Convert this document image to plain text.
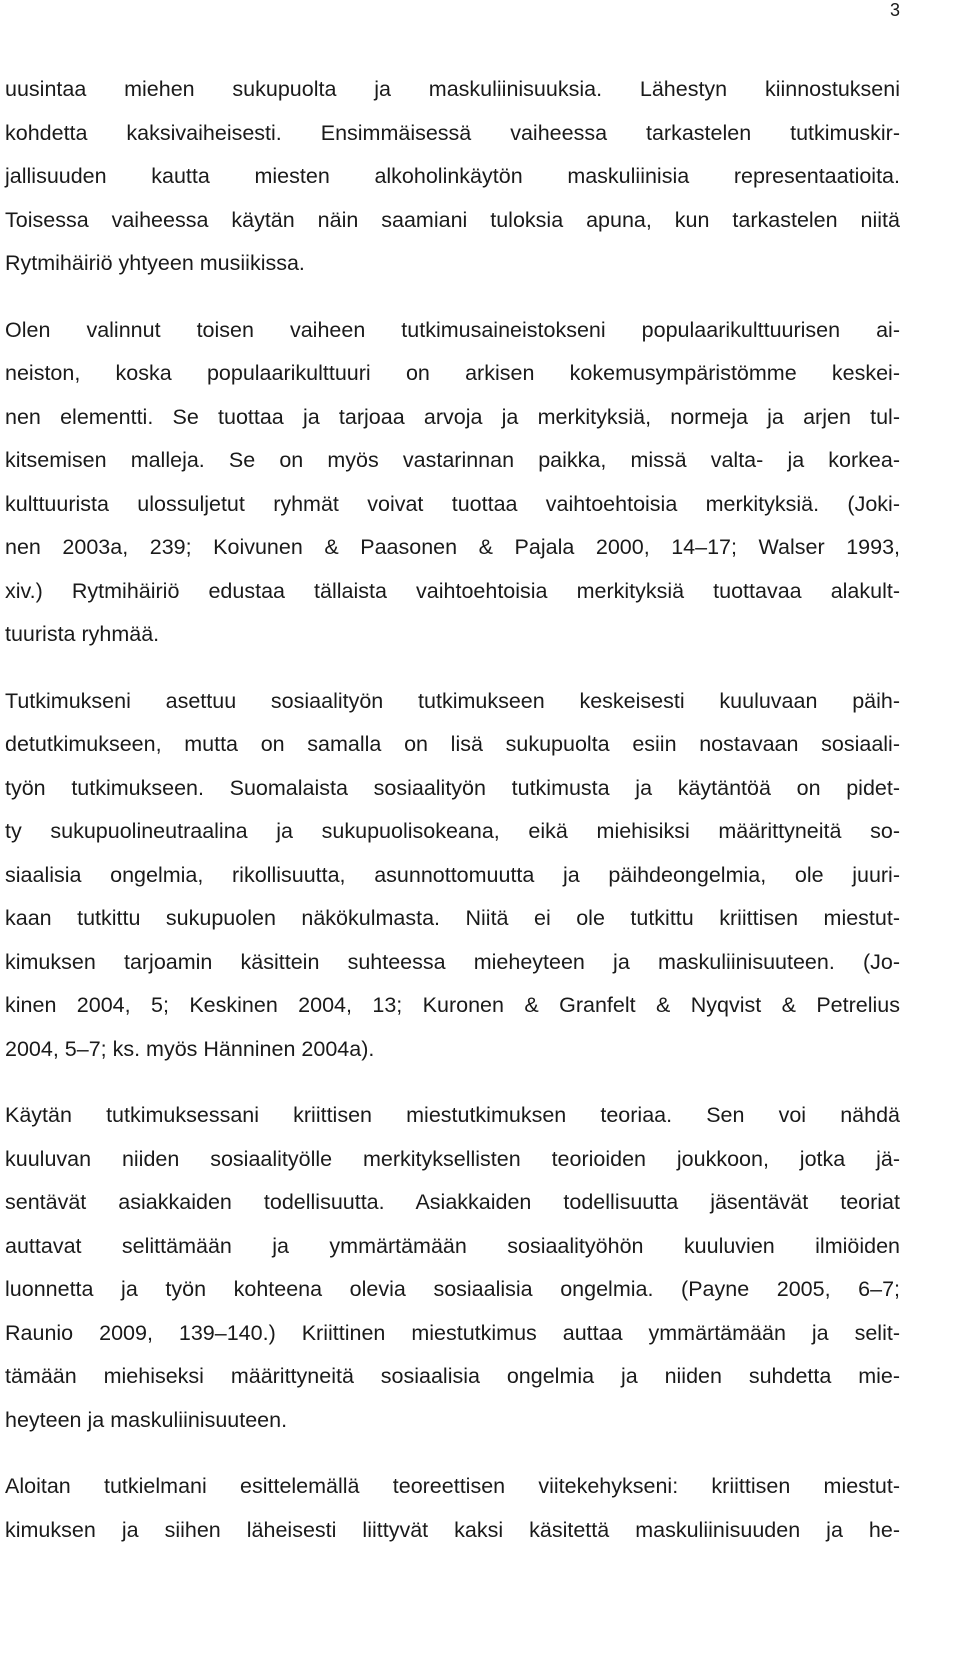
3
uusintaa miehen sukupuolta ja maskuliinisuuksia. Lähestyn kiinnostukseni
kohdetta kaksivaiheisesti. Ensimmäisessä vaiheessa tarkastelen tutkimuskir-
jallisuuden kautta miesten alkoholinkäytön maskuliinisia representaatioita.
Toisessa vaiheessa käytän näin saamiani tuloksia apuna, kun tarkastelen niitä
Rytmihäiriö yhtyeen musiikissa.
Olen valinnut toisen vaiheen tutkimusaineistokseni populaarikulttuurisen ai-
neiston, koska populaarikulttuuri on arkisen kokemusympäristömme keskei-
nen elementti. Se tuottaa ja tarjoaa arvoja ja merkityksiä, normeja ja arjen tul-
kitsemisen malleja. Se on myös vastarinnan paikka, missä valta- ja korkea-
kulttuurista ulossuljetut ryhmät voivat tuottaa vaihtoehtoisia merkityksiä. (Joki-
nen 2003a, 239; Koivunen & Paasonen & Pajala 2000, 14–17; Walser 1993,
xiv.) Rytmihäiriö edustaa tällaista vaihtoehtoisia merkityksiä tuottavaa alakult-
tuurista ryhmää.
Tutkimukseni asettuu sosiaalityön tutkimukseen keskeisesti kuuluvaan päih-
detutkimukseen, mutta on samalla on lisä sukupuolta esiin nostavaan sosiaali-
työn tutkimukseen. Suomalaista sosiaalityön tutkimusta ja käytäntöä on pidet-
ty sukupuolineutraalina ja sukupuolisokeana, eikä miehisiksi määrittyneitä so-
siaalisia ongelmia, rikollisuutta, asunnottomuutta ja päihdeongelmia, ole juuri-
kaan tutkittu sukupuolen näkökulmasta. Niitä ei ole tutkittu kriittisen miestut-
kimuksen tarjoamin käsittein suhteessa mieheyteen ja maskuliinisuuteen. (Jo-
kinen 2004, 5; Keskinen 2004, 13; Kuronen & Granfelt & Nyqvist & Petrelius
2004, 5–7; ks. myös Hänninen 2004a).
Käytän tutkimuksessani kriittisen miestutkimuksen teoriaa. Sen voi nähdä
kuuluvan niiden sosiaalityölle merkityksellisten teorioiden joukkoon, jotka jä-
sentävät asiakkaiden todellisuutta. Asiakkaiden todellisuutta jäsentävät teoriat
auttavat selittämään ja ymmärtämään sosiaalityöhön kuuluvien ilmiöiden
luonnetta ja työn kohteena olevia sosiaalisia ongelmia. (Payne 2005, 6–7;
Raunio 2009, 139–140.) Kriittinen miestutkimus auttaa ymmärtämään ja selit-
tämään miehiseksi määrittyneitä sosiaalisia ongelmia ja niiden suhdetta mie-
heyteen ja maskuliinisuuteen.
Aloitan tutkielmani esittelemällä teoreettisen viitekehykseni: kriittisen miestut-
kimuksen ja siihen läheisesti liittyvät kaksi käsitettä maskuliinisuuden ja he-
